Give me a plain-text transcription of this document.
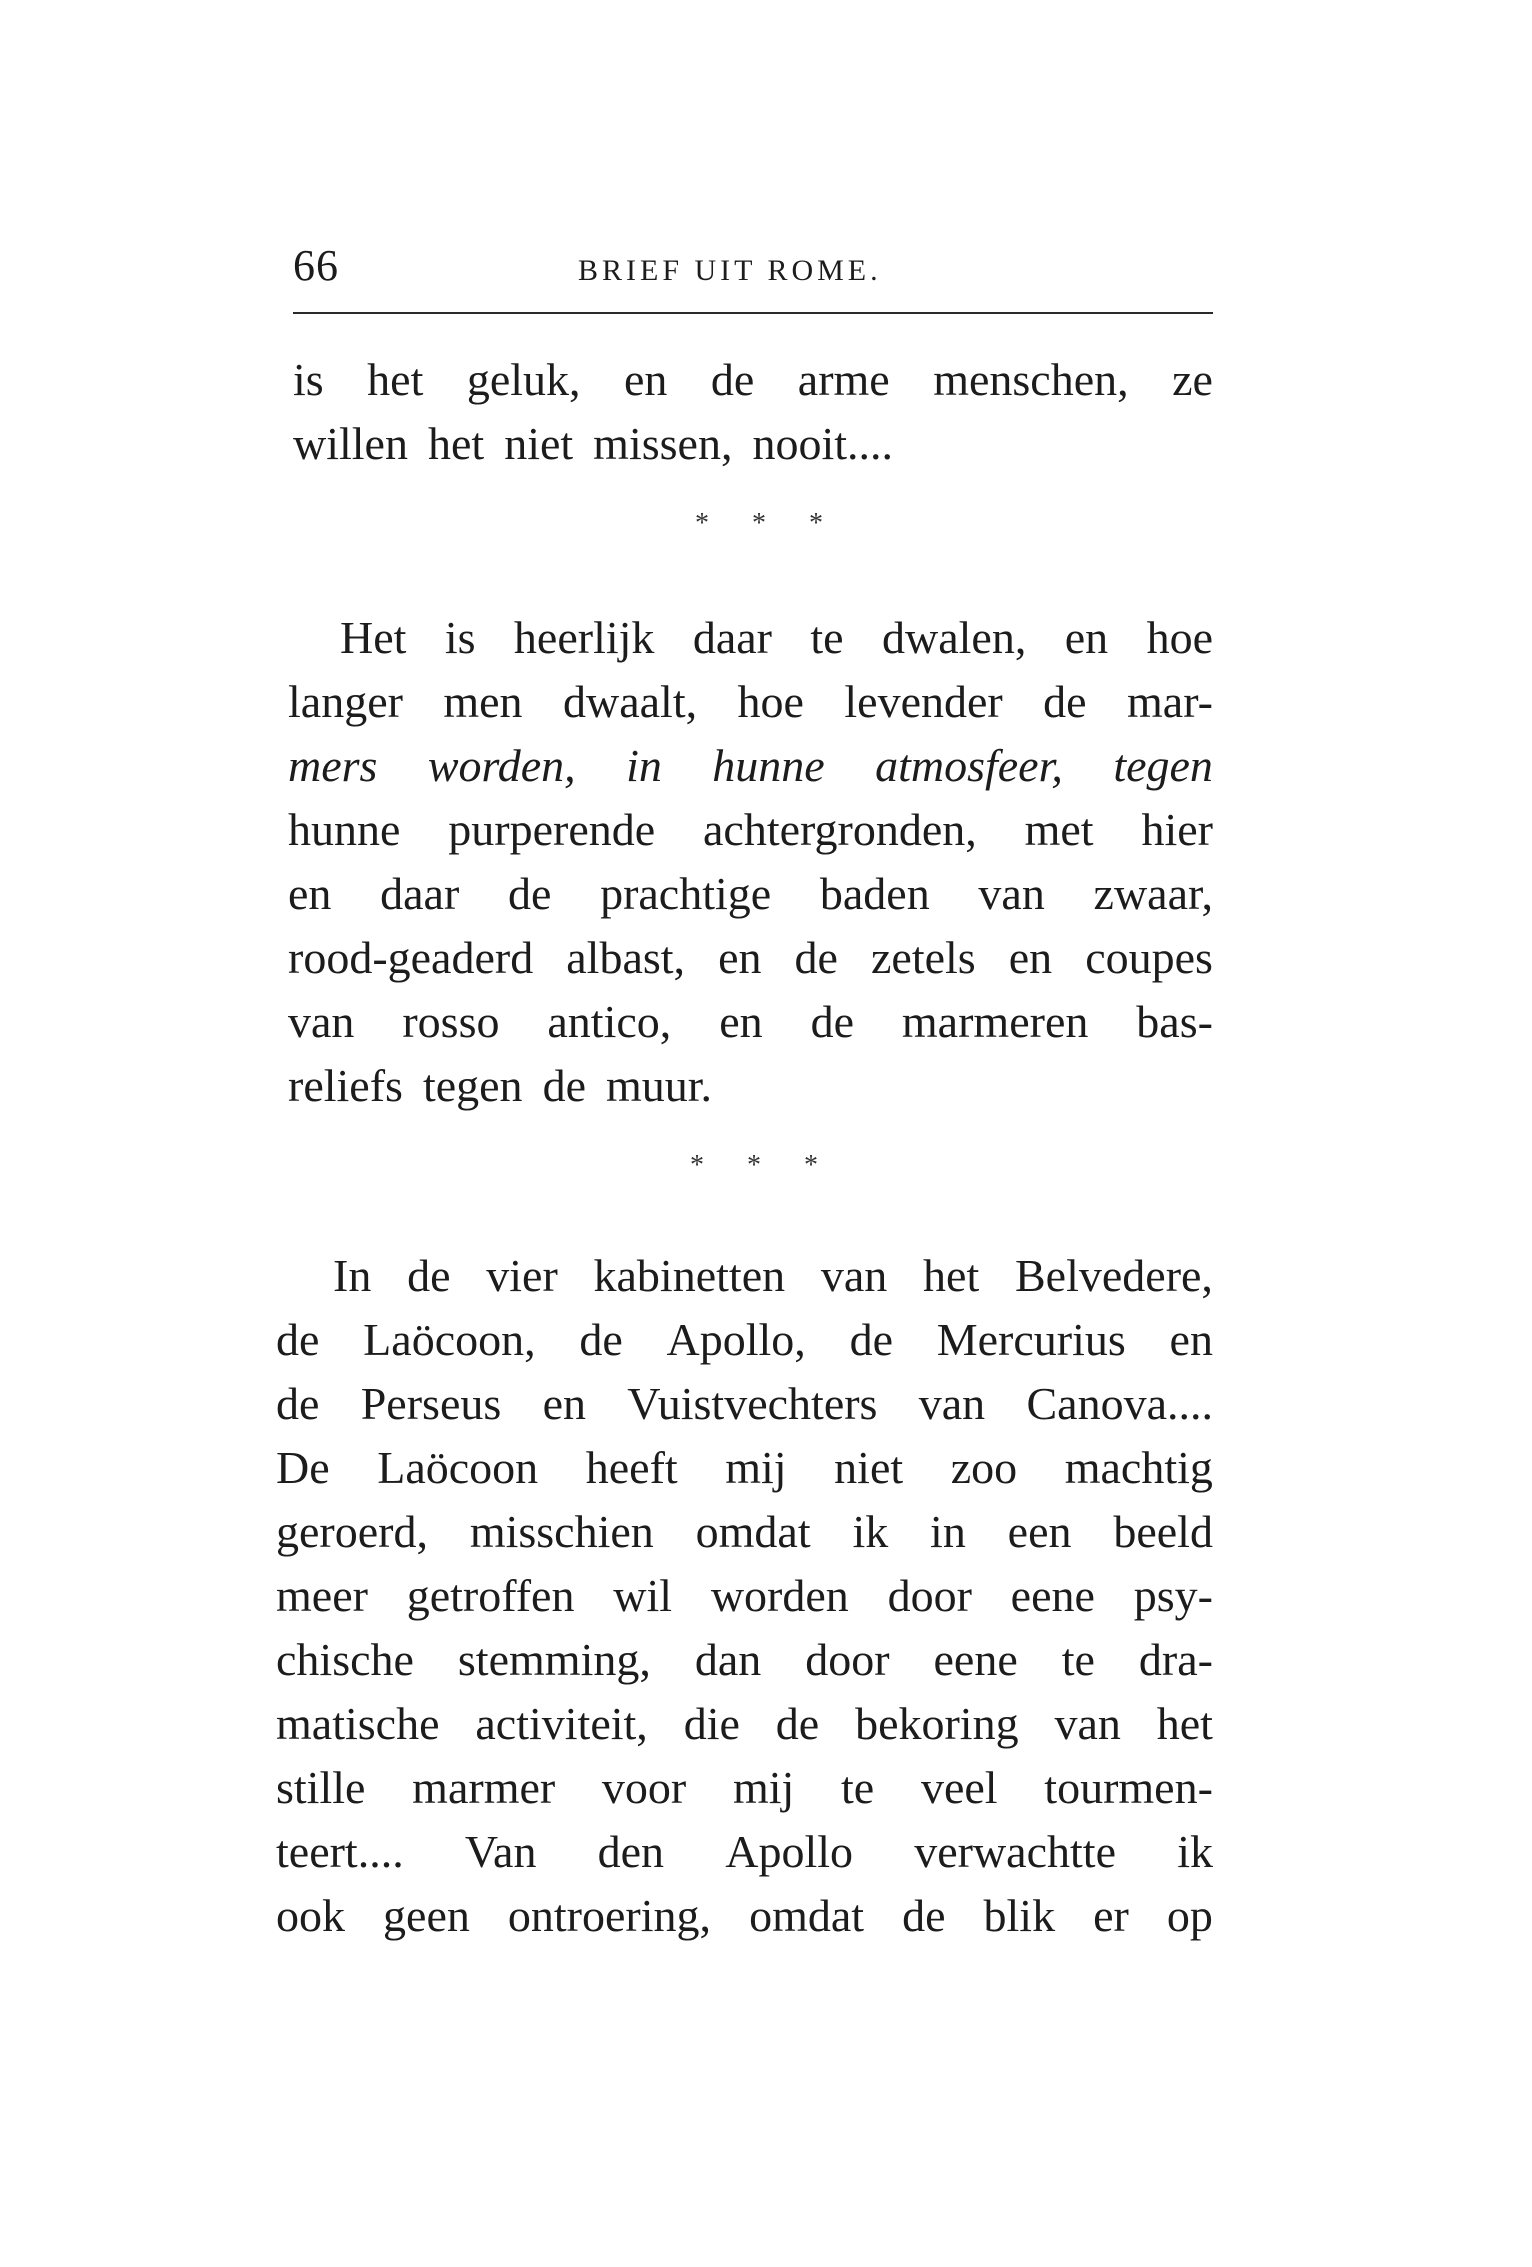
66	BRIEF UIT ROME.
is het geluk, en de arme menschen, ze
willen het niet missen, nooit....
* * *
Het is heerlijk daar te dwalen, en hoe
langer men dwaalt, hoe levender de mar-
mers worden, in hunne atmosfeer, tegen
hunne purperende achtergronden, met hier
en daar de prachtige baden van zwaar,
rood-geaderd albast, en de zetels en coupes
van rosso antico, en de marmeren bas-
reliefs tegen de muur.
* * *
In de vier kabinetten van het Belvedere,
de Laöcoon, de Apollo, de Mercurius en
de Perseus en Vuistvechters van Canova....
De Laöcoon heeft mij niet zoo machtig
geroerd, misschien omdat ik in een beeld
meer getroffen wil worden door eene psy-
chische stemming, dan door eene te dra-
matische activiteit, die de bekoring van het
stille marmer voor mij te veel tourmen-
teert.... Van den Apollo verwachtte ik
ook geen ontroering, omdat de blik er op
